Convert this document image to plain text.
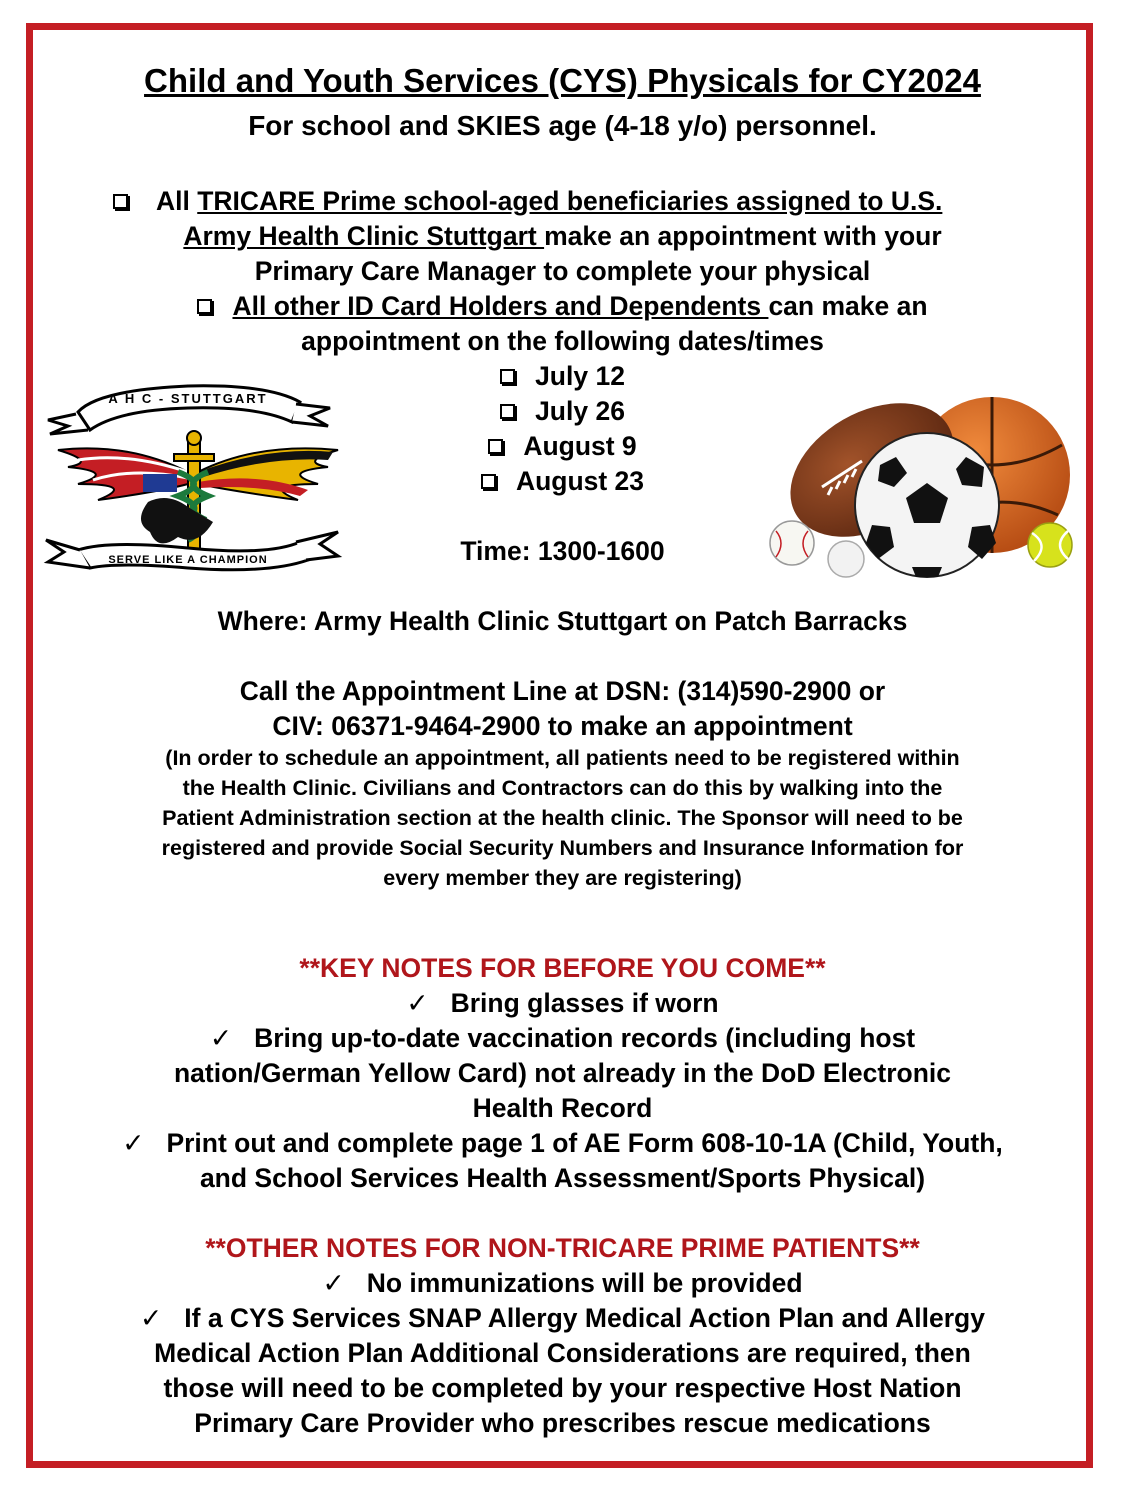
Child and Youth Services (CYS) Physicals for CY2024
For school and SKIES age (4-18 y/o) personnel.
All TRICARE Prime school-aged beneficiaries assigned to U.S.
Army Health Clinic Stuttgart make an appointment with your
Primary Care Manager to complete your physical
All other ID Card Holders and Dependents can make an
appointment on the following dates/times
July 12
July 26
August 9
August 23
Time: 1300-1600
A H C - STUTTGART
SERVE LIKE A CHAMPION
Where: Army Health Clinic Stuttgart on Patch Barracks
Call the Appointment Line at DSN: (314)590-2900 or
CIV: 06371-9464-2900 to make an appointment
(In order to schedule an appointment, all patients need to be registered within
the Health Clinic. Civilians and Contractors can do this by walking into the
Patient Administration section at the health clinic. The Sponsor will need to be
registered and provide Social Security Numbers and Insurance Information for
every member they are registering)
**KEY NOTES FOR BEFORE YOU COME**
✓ Bring glasses if worn
✓ Bring up-to-date vaccination records (including host
nation/German Yellow Card) not already in the DoD Electronic
Health Record
✓ Print out and complete page 1 of AE Form 608-10-1A (Child, Youth,
and School Services Health Assessment/Sports Physical)
**OTHER NOTES FOR NON-TRICARE PRIME PATIENTS**
✓ No immunizations will be provided
✓ If a CYS Services SNAP Allergy Medical Action Plan and Allergy
Medical Action Plan Additional Considerations are required, then
those will need to be completed by your respective Host Nation
Primary Care Provider who prescribes rescue medications
